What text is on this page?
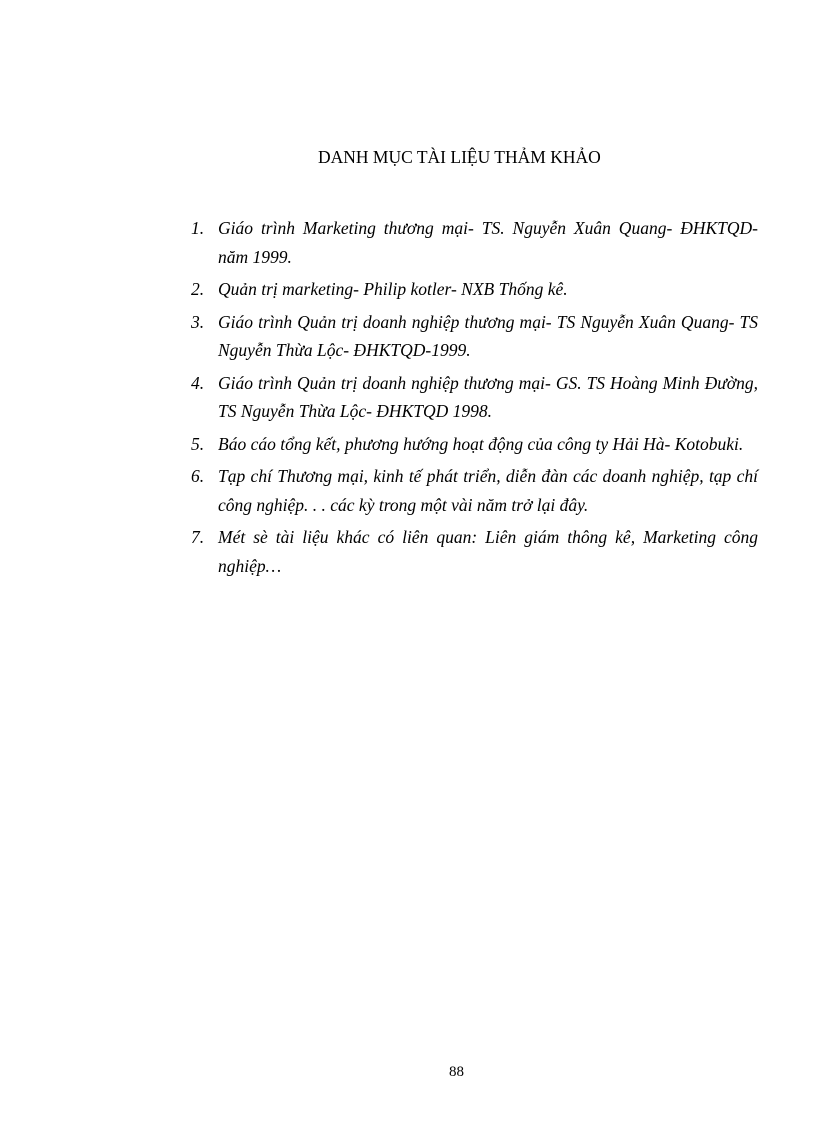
DANH MỤC TÀI LIỆU THẢM KHẢO
1. Giáo trình Marketing thương mại- TS. Nguyễn Xuân Quang- ĐHKTQD- năm 1999.
2. Quản trị marketing- Philip kotler- NXB Thống kê.
3. Giáo trình Quản trị doanh nghiệp thương mại- TS Nguyễn Xuân Quang- TS Nguyễn Thừa Lộc- ĐHKTQD-1999.
4. Giáo trình Quản trị doanh nghiệp thương mại- GS. TS Hoàng Minh Đường, TS Nguyễn Thừa Lộc- ĐHKTQD 1998.
5. Báo cáo tổng kết, phương hướng hoạt động của công ty Hải Hà- Kotobuki.
6. Tạp chí Thương mại, kinh tế phát triển, diễn đàn các doanh nghiệp, tạp chí công nghiệp. . . các kỳ trong một vài năm trở lại đây.
7. Mét sè tài liệu khác có liên quan: Liên giám thông kê, Marketing công nghiệp…
88
